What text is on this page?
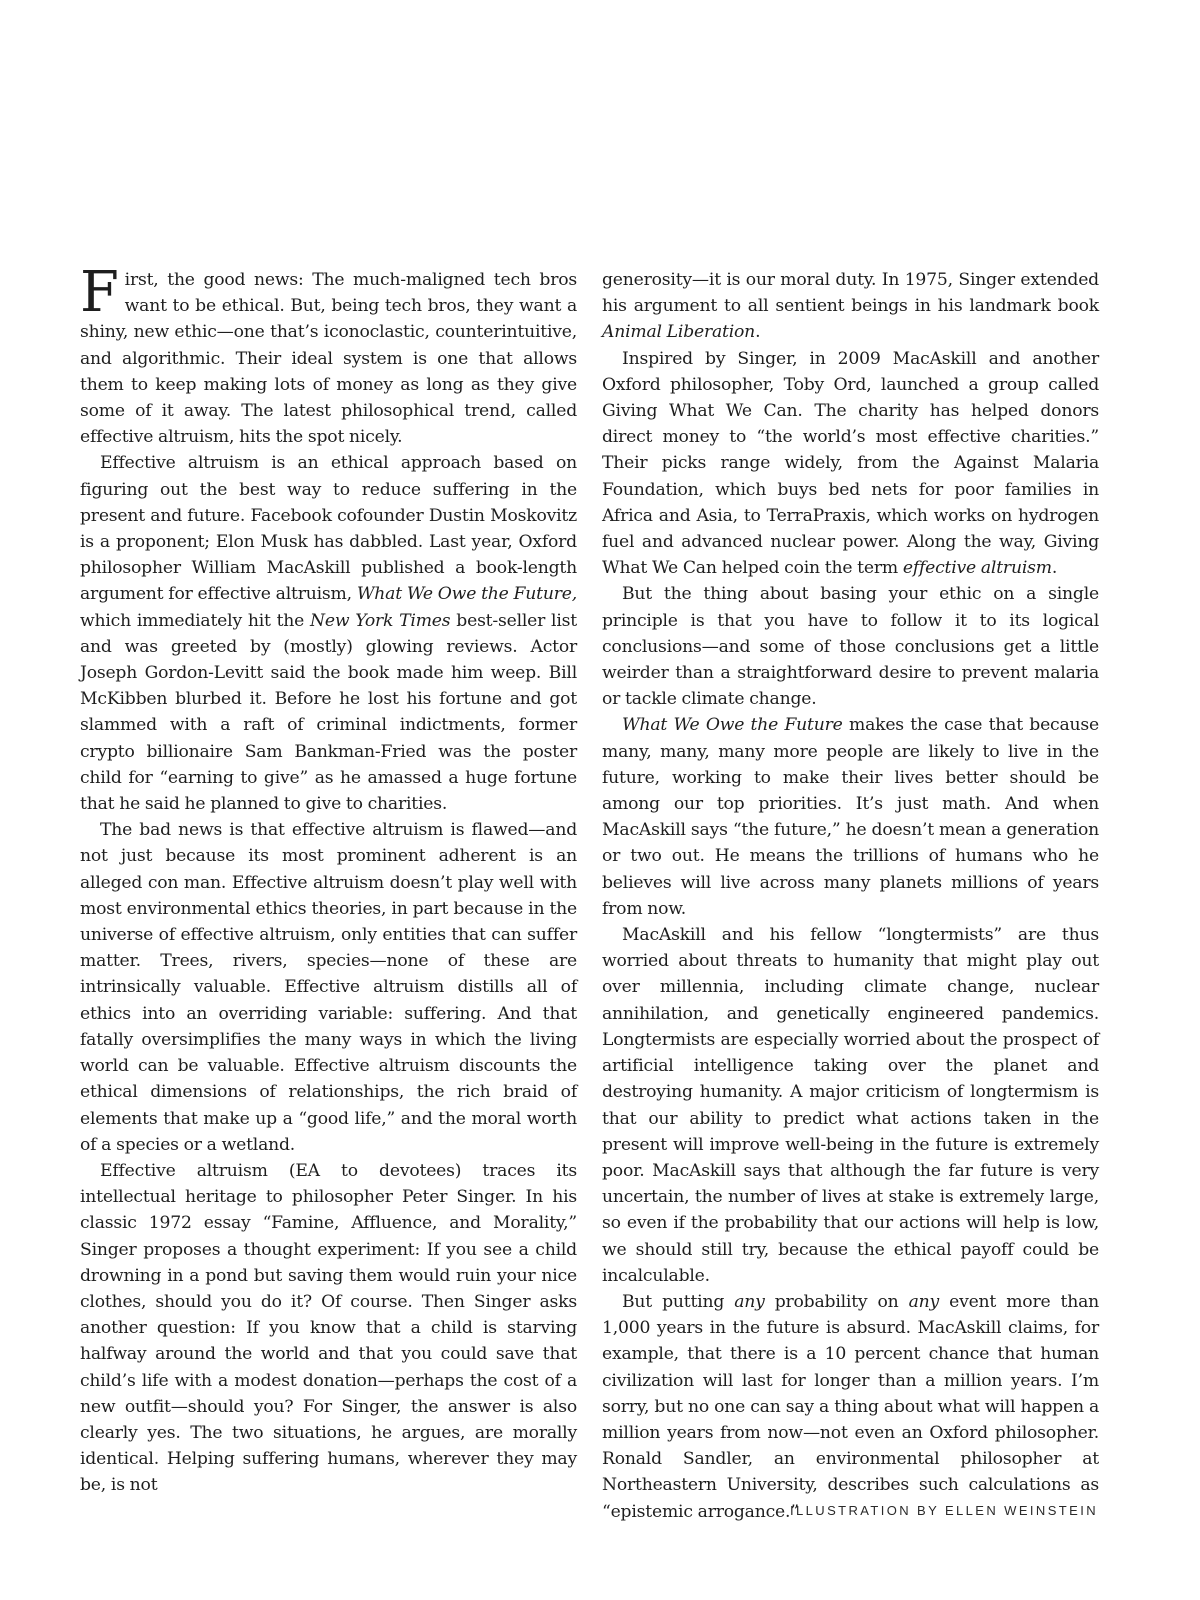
First, the good news: The much-maligned tech bros want to be ethical. But, being tech bros, they want a shiny, new ethic—one that’s iconoclastic, counterintuitive, and algorithmic. Their ideal system is one that allows them to keep making lots of money as long as they give some of it away. The latest philosophical trend, called effective altruism, hits the spot nicely.

Effective altruism is an ethical approach based on figuring out the best way to reduce suffering in the present and future. Facebook cofounder Dustin Moskovitz is a proponent; Elon Musk has dabbled. Last year, Oxford philosopher William MacAskill published a book-length argument for effective altruism, What We Owe the Future, which immediately hit the New York Times best-seller list and was greeted by (mostly) glowing reviews. Actor Joseph Gordon-Levitt said the book made him weep. Bill McKibben blurbed it. Before he lost his fortune and got slammed with a raft of criminal indictments, former crypto billionaire Sam Bankman-Fried was the poster child for “earning to give” as he amassed a huge fortune that he said he planned to give to charities.

The bad news is that effective altruism is flawed—and not just because its most prominent adherent is an alleged con man. Effective altruism doesn’t play well with most environmental ethics theories, in part because in the universe of effective altruism, only entities that can suffer matter. Trees, rivers, species—none of these are intrinsically valuable. Effective altruism distills all of ethics into an overriding variable: suffering. And that fatally oversimplifies the many ways in which the living world can be valuable. Effective altruism discounts the ethical dimensions of relationships, the rich braid of elements that make up a “good life,” and the moral worth of a species or a wetland.

Effective altruism (EA to devotees) traces its intellectual heritage to philosopher Peter Singer. In his classic 1972 essay “Famine, Affluence, and Morality,” Singer proposes a thought experiment: If you see a child drowning in a pond but saving them would ruin your nice clothes, should you do it? Of course. Then Singer asks another question: If you know that a child is starving halfway around the world and that you could save that child’s life with a modest donation—perhaps the cost of a new outfit—should you? For Singer, the answer is also clearly yes. The two situations, he argues, are morally identical. Helping suffering humans, wherever they may be, is not

generosity—it is our moral duty. In 1975, Singer extended his argument to all sentient beings in his landmark book Animal Liberation.

Inspired by Singer, in 2009 MacAskill and another Oxford philosopher, Toby Ord, launched a group called Giving What We Can. The charity has helped donors direct money to “the world’s most effective charities.” Their picks range widely, from the Against Malaria Foundation, which buys bed nets for poor families in Africa and Asia, to TerraPraxis, which works on hydrogen fuel and advanced nuclear power. Along the way, Giving What We Can helped coin the term effective altruism.

But the thing about basing your ethic on a single principle is that you have to follow it to its logical conclusions—and some of those conclusions get a little weirder than a straightforward desire to prevent malaria or tackle climate change.

What We Owe the Future makes the case that because many, many, many more people are likely to live in the future, working to make their lives better should be among our top priorities. It’s just math. And when MacAskill says “the future,” he doesn’t mean a generation or two out. He means the trillions of humans who he believes will live across many planets millions of years from now.

MacAskill and his fellow “longtermists” are thus worried about threats to humanity that might play out over millennia, including climate change, nuclear annihilation, and genetically engineered pandemics. Longtermists are especially worried about the prospect of artificial intelligence taking over the planet and destroying humanity. A major criticism of longtermism is that our ability to predict what actions taken in the present will improve well-being in the future is extremely poor. MacAskill says that although the far future is very uncertain, the number of lives at stake is extremely large, so even if the probability that our actions will help is low, we should still try, because the ethical payoff could be incalculable.

But putting any probability on any event more than 1,000 years in the future is absurd. MacAskill claims, for example, that there is a 10 percent chance that human civilization will last for longer than a million years. I’m sorry, but no one can say a thing about what will happen a million years from now—not even an Oxford philosopher. Ronald Sandler, an environmental philosopher at Northeastern University, describes such calculations as “epistemic arrogance.”

ILLUSTRATION BY ELLEN WEINSTEIN
